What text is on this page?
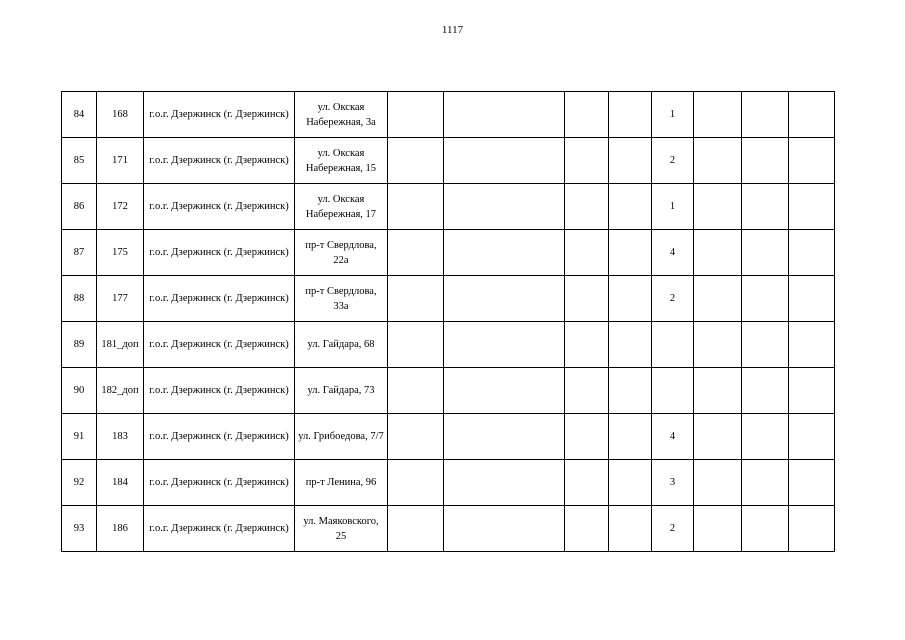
1117
84	168	г.о.г. Дзержинск (г. Дзержинск)	ул. Окская Набережная, 3а					1			
85	171	г.о.г. Дзержинск (г. Дзержинск)	ул. Окская Набережная, 15					2			
86	172	г.о.г. Дзержинск (г. Дзержинск)	ул. Окская Набережная, 17					1			
87	175	г.о.г. Дзержинск (г. Дзержинск)	пр-т Свердлова, 22а					4			
88	177	г.о.г. Дзержинск (г. Дзержинск)	пр-т Свердлова, 33а					2			
89	181_доп	г.о.г. Дзержинск (г. Дзержинск)	ул. Гайдара, 68								
90	182_доп	г.о.г. Дзержинск (г. Дзержинск)	ул. Гайдара, 73								
91	183	г.о.г. Дзержинск (г. Дзержинск)	ул. Грибоедова, 7/7					4			
92	184	г.о.г. Дзержинск (г. Дзержинск)	пр-т Ленина, 96					3			
93	186	г.о.г. Дзержинск (г. Дзержинск)	ул. Маяковского, 25					2			
